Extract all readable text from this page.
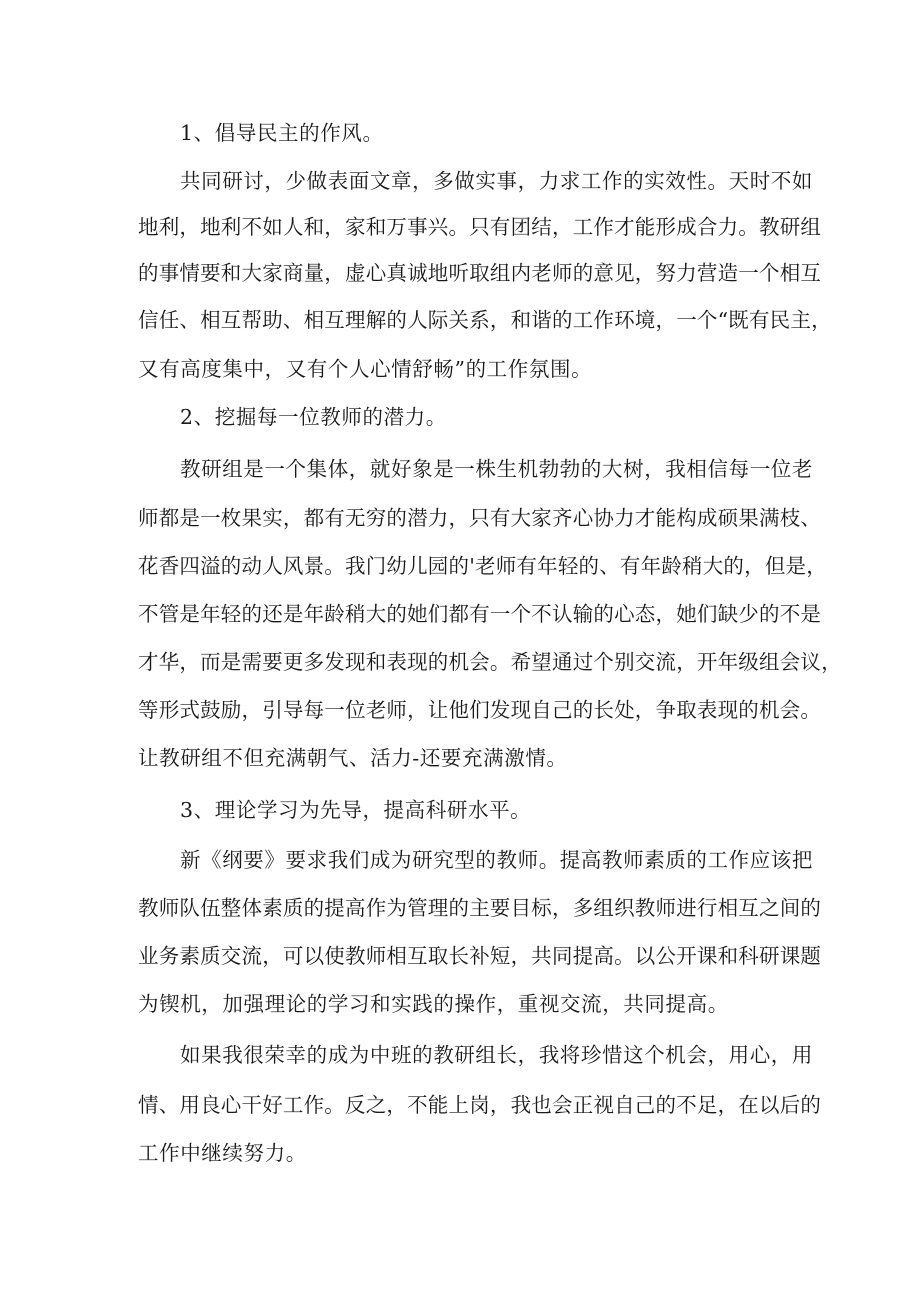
1、倡导民主的作风。
共同研讨，少做表面文章，多做实事，力求工作的实效性。天时不如
地利，地利不如人和，家和万事兴。只有团结，工作才能形成合力。教研组
的事情要和大家商量，虚心真诚地听取组内老师的意见，努力营造一个相互
信任、相互帮助、相互理解的人际关系，和谐的工作环境，一个“既有民主，
又有高度集中，又有个人心情舒畅”的工作氛围。
2、挖掘每一位教师的潜力。
教研组是一个集体，就好象是一株生机勃勃的大树，我相信每一位老
师都是一枚果实，都有无穷的潜力，只有大家齐心协力才能构成硕果满枝、
花香四溢的动人风景。我门幼儿园的'老师有年轻的、有年龄稍大的，但是，
不管是年轻的还是年龄稍大的她们都有一个不认输的心态，她们缺少的不是
才华，而是需要更多发现和表现的机会。希望通过个别交流，开年级组会议，
等形式鼓励，引导每一位老师，让他们发现自己的长处，争取表现的机会。
让教研组不但充满朝气、活力-还要充满激情。
3、理论学习为先导，提高科研水平。
新《纲要》要求我们成为研究型的教师。提高教师素质的工作应该把
教师队伍整体素质的提高作为管理的主要目标，多组织教师进行相互之间的
业务素质交流，可以使教师相互取长补短，共同提高。以公开课和科研课题
为锲机，加强理论的学习和实践的操作，重视交流，共同提高。
如果我很荣幸的成为中班的教研组长，我将珍惜这个机会，用心，用
情、用良心干好工作。反之，不能上岗，我也会正视自己的不足，在以后的
工作中继续努力。
